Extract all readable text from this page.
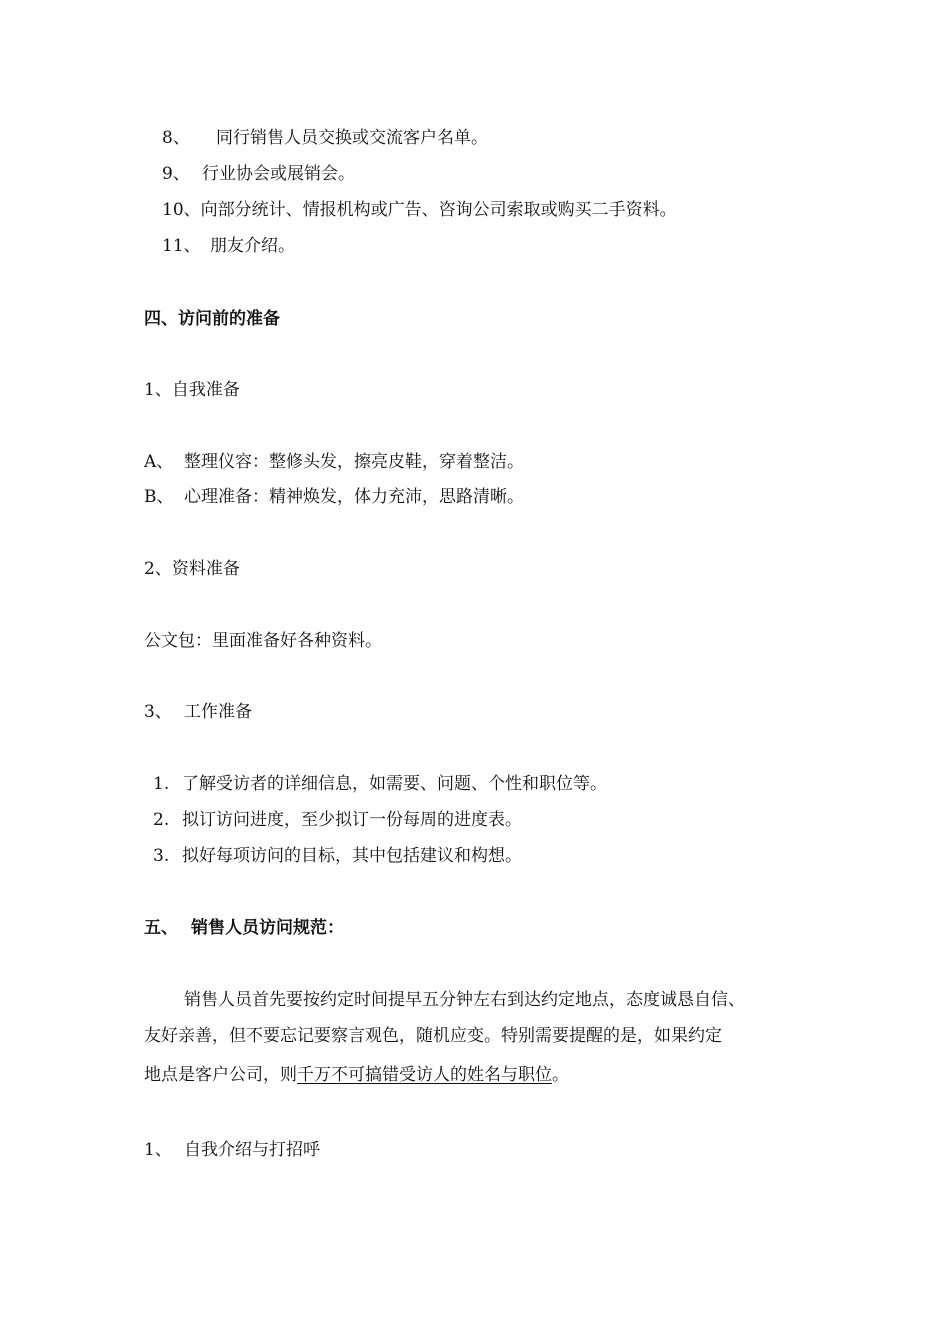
8、 同行销售人员交换或交流客户名单。
9、 行业协会或展销会。
10、向部分统计、情报机构或广告、咨询公司索取或购买二手资料。
11、 朋友介绍。
四、访问前的准备
1、自我准备
A、 整理仪容：整修头发，擦亮皮鞋，穿着整洁。
B、 心理准备：精神焕发，体力充沛，思路清晰。
2、资料准备
公文包：里面准备好各种资料。
3、 工作准备
1. 了解受访者的详细信息，如需要、问题、个性和职位等。
2. 拟订访问进度，至少拟订一份每周的进度表。
3. 拟好每项访问的目标，其中包括建议和构想。
五、 销售人员访问规范：
销售人员首先要按约定时间提早五分钟左右到达约定地点，态度诚恳自信、
友好亲善，但不要忘记要察言观色，随机应变。特别需要提醒的是，如果约定
地点是客户公司，则千万不可搞错受访人的姓名与职位。
1、 自我介绍与打招呼
